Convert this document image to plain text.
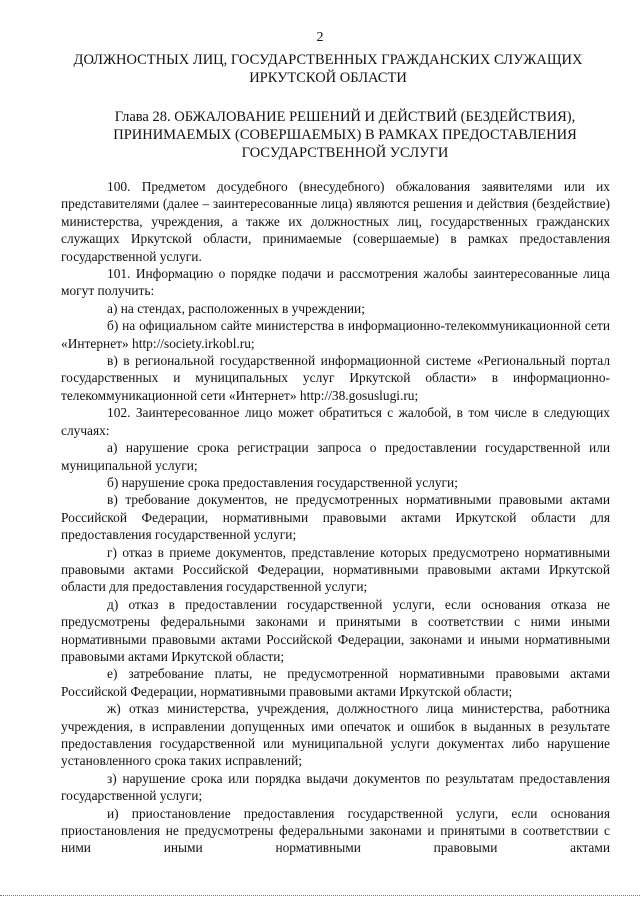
2
ДОЛЖНОСТНЫХ ЛИЦ, ГОСУДАРСТВЕННЫХ ГРАЖДАНСКИХ СЛУЖАЩИХ ИРКУТСКОЙ ОБЛАСТИ
Глава 28. ОБЖАЛОВАНИЕ РЕШЕНИЙ И ДЕЙСТВИЙ (БЕЗДЕЙСТВИЯ), ПРИНИМАЕМЫХ (СОВЕРШАЕМЫХ) В РАМКАХ ПРЕДОСТАВЛЕНИЯ ГОСУДАРСТВЕННОЙ УСЛУГИ

100. Предметом досудебного (внесудебного) обжалования заявителями или их представителями (далее – заинтересованные лица) являются решения и действия (бездействие) министерства, учреждения, а также их должностных лиц, государственных гражданских служащих Иркутской области, принимаемые (совершаемые) в рамках предоставления государственной услуги.

101. Информацию о порядке подачи и рассмотрения жалобы заинтересованные лица могут получить:

а) на стендах, расположенных в учреждении;

б) на официальном сайте министерства в информационно-телекоммуникационной сети «Интернет» http://society.irkobl.ru;

в) в региональной государственной информационной системе «Региональный портал государственных и муниципальных услуг Иркутской области» в информационно-телекоммуникационной сети «Интернет» http://38.gosuslugi.ru;

102. Заинтересованное лицо может обратиться с жалобой, в том числе в следующих случаях:

а) нарушение срока регистрации запроса о предоставлении государственной или муниципальной услуги;

б) нарушение срока предоставления государственной услуги;

в) требование документов, не предусмотренных нормативными правовыми актами Российской Федерации, нормативными правовыми актами Иркутской области для предоставления государственной услуги;

г) отказ в приеме документов, представление которых предусмотрено нормативными правовыми актами Российской Федерации, нормативными правовыми актами Иркутской области для предоставления государственной услуги;

д) отказ в предоставлении государственной услуги, если основания отказа не предусмотрены федеральными законами и принятыми в соответствии с ними иными нормативными правовыми актами Российской Федерации, законами и иными нормативными правовыми актами Иркутской области;

е) затребование платы, не предусмотренной нормативными правовыми актами Российской Федерации, нормативными правовыми актами Иркутской области;

ж) отказ министерства, учреждения, должностного лица министерства, работника учреждения, в исправлении допущенных ими опечаток и ошибок в выданных в результате предоставления государственной или муниципальной услуги документах либо нарушение установленного срока таких исправлений;

з) нарушение срока или порядка выдачи документов по результатам предоставления государственной услуги;

и) приостановление предоставления государственной услуги, если основания приостановления не предусмотрены федеральными законами и принятыми в соответствии с ними иными нормативными правовыми актами
